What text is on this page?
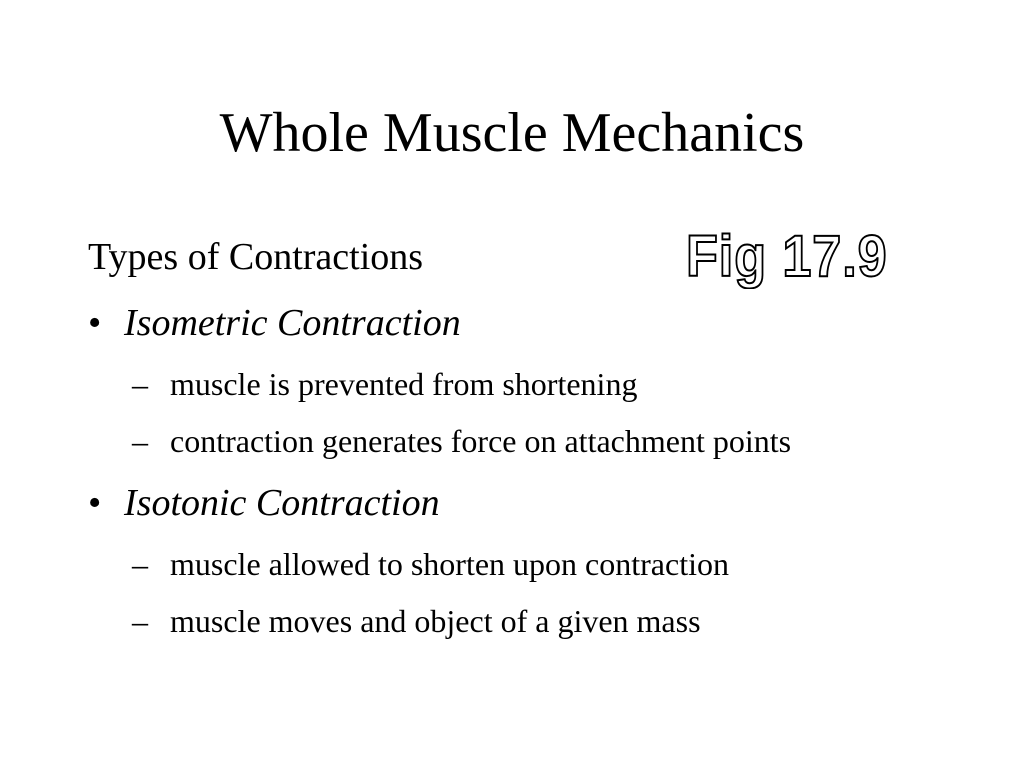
Whole Muscle Mechanics
Fig 17.9
Types of Contractions
• Isometric Contraction
– muscle is prevented from shortening
– contraction generates force on attachment points
• Isotonic Contraction
– muscle allowed to shorten upon contraction
– muscle moves and object of a given mass
